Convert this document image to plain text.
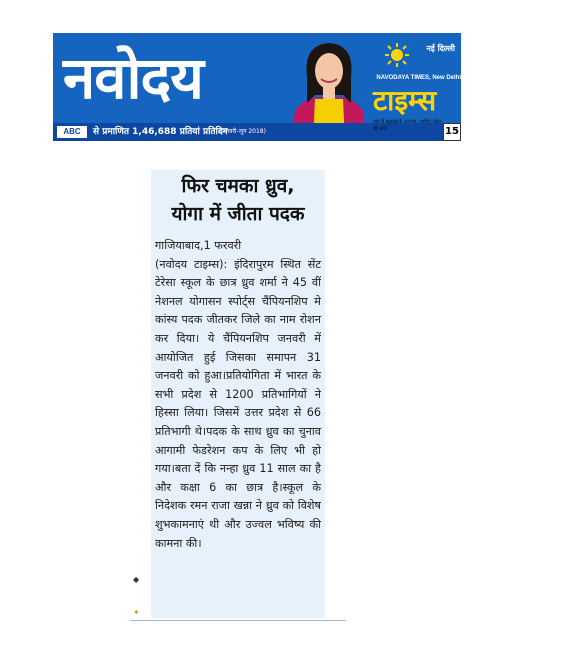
नवोदय	नई दिल्ली
NAVODAYA TIMES, New Delhi
टाइम्स
ABC	से प्रमाणित 1,46,688 प्रतियां प्रतिदिन
(जनवरी-जून 2018)
यहां हैं खूबसूरती अनन्या, जानिए सेहत की बातें	15
फिर चमका ध्रुव,
योगा में जीता पदक

गाजियाबाद,1 फरवरी

(नवोदय टाइम्स): इंदिरापुरम स्थित सेंट टेरेसा स्कूल के छात्र ध्रुव शर्मा ने 45 वीं नेशनल योगासन स्पोर्ट्स चैंपियनशिप मे कांस्य पदक जीतकर जिले का नाम रोशन कर दिया। ये चैंपियनशिप जनवरी में आयोजित हुई जिसका समापन 31 जनवरी को हुआ।प्रतियोगिता में भारत के सभी प्रदेश से 1200 प्रतिभागियों ने हिस्सा लिया। जिसमें उत्तर प्रदेश से 66 प्रतिभागी थे।पदक के साथ ध्रुव का चुनाव आगामी फेडरेशन कप के लिए भी हो गया।बता दें कि नन्हा ध्रुव 11 साल का है और कक्षा 6 का छात्र है।स्कूल के निदेशक रमन राजा खन्ना ने ध्रुव को विशेष शुभकामनाएं थी और उज्वल भविष्य की कामना की।

◆
✦
